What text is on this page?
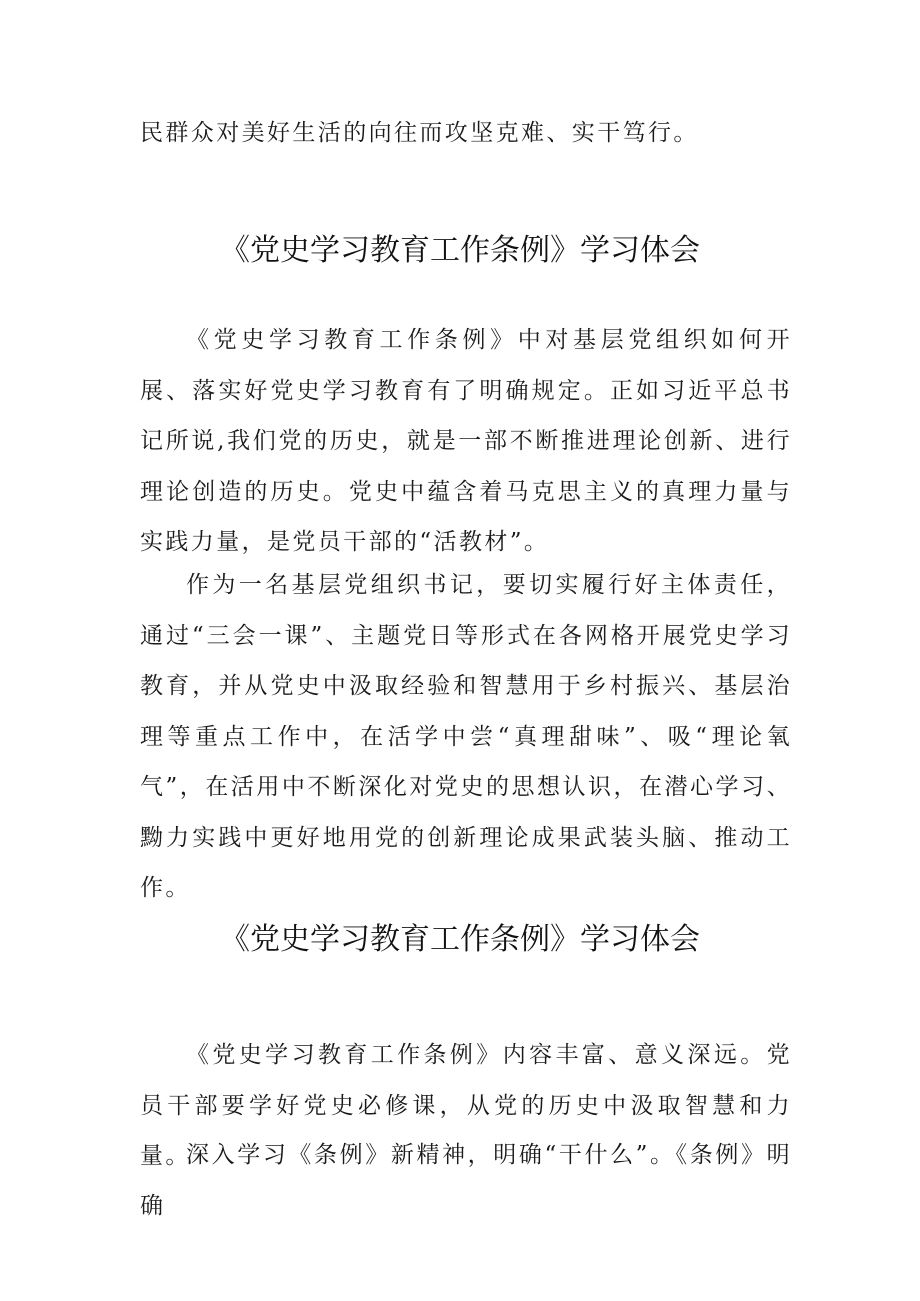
民群众对美好生活的向往而攻坚克难、实干笃行。

《党史学习教育工作条例》学习体会

《党史学习教育工作条例》中对基层党组织如何开展、落实好党史学习教育有了明确规定。正如习近平总书记所说,我们党的历史，就是一部不断推进理论创新、进行理论创造的历史。党史中蕴含着马克思主义的真理力量与实践力量，是党员干部的“活教材”。

作为一名基层党组织书记，要切实履行好主体责任，通过“三会一课”、主题党日等形式在各网格开展党史学习教育，并从党史中汲取经验和智慧用于乡村振兴、基层治理等重点工作中，在活学中尝“真理甜味”、吸“理论氧气”，在活用中不断深化对党史的思想认识，在潜心学习、黝力实践中更好地用党的创新理论成果武装头脑、推动工作。

《党史学习教育工作条例》学习体会

《党史学习教育工作条例》内容丰富、意义深远。党员干部要学好党史必修课，从党的历史中汲取智慧和力量。

深入学习《条例》新精神，明确“干什么”。《条例》明确
